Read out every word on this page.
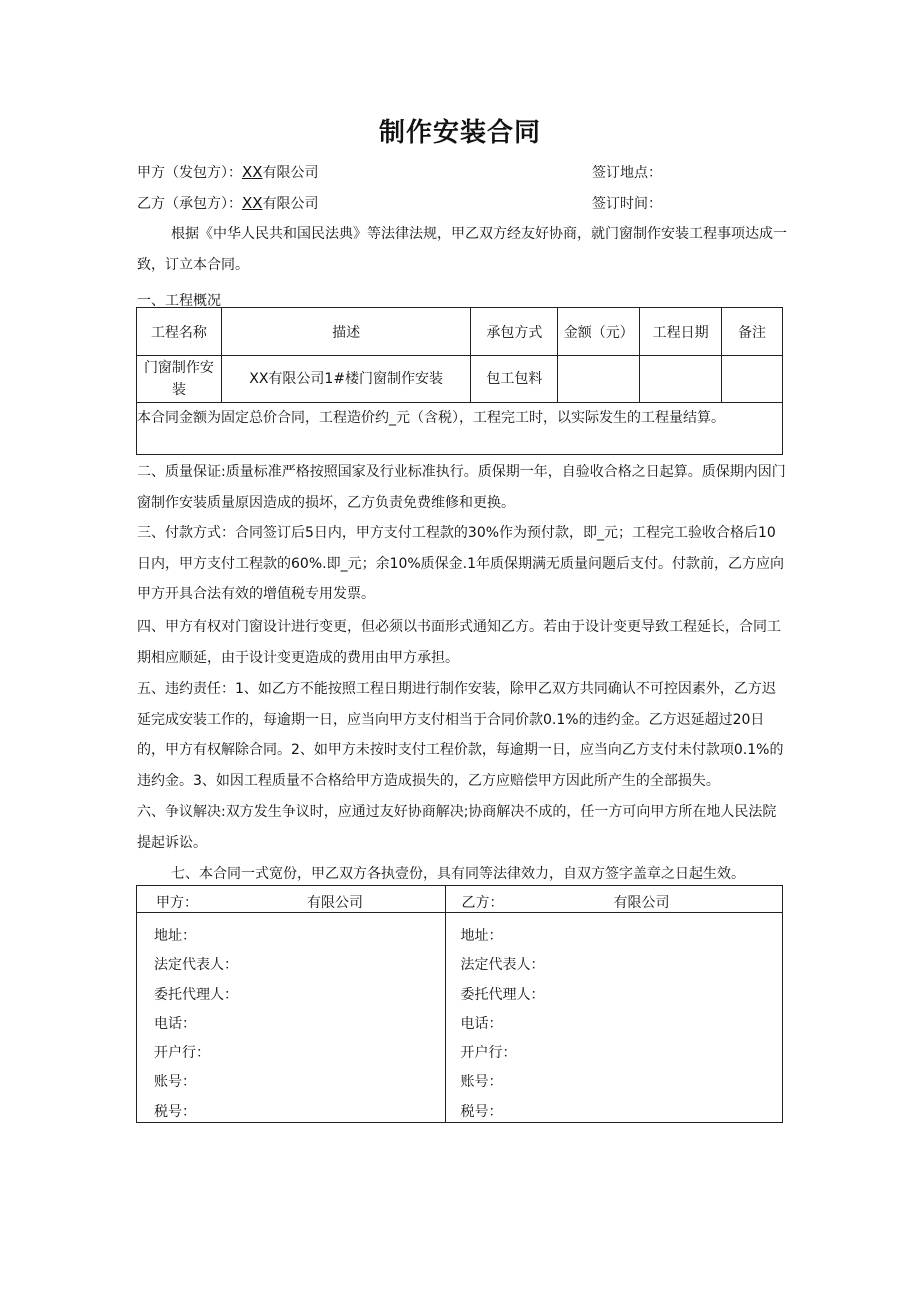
制作安装合同
甲方（发包方）：XX有限公司	签订地点：
乙方（承包方）：XX有限公司	签订时间：
根据《中华人民共和国民法典》等法律法规，甲乙双方经友好协商，就门窗制作安装工程事项达成一致，订立本合同。
一、工程概况
工程名称	描述	承包方式	金额（元）	工程日期	备注
门窗制作安装	XX有限公司1#楼门窗制作安装	包工包料			
本合同金额为固定总价合同，工程造价约_元（含税），工程完工时，以实际发生的工程量结算。					
二、质量保证:质量标准严格按照国家及行业标准执行。质保期一年，自验收合格之日起算。质保期内因门窗制作安装质量原因造成的损坏，乙方负责免费维修和更换。
三、付款方式：合同签订后5日内，甲方支付工程款的30%作为预付款，即_元；工程完工验收合格后10日内，甲方支付工程款的60%.即_元；余10%质保金.1年质保期满无质量问题后支付。付款前，乙方应向甲方开具合法有效的增值税专用发票。
四、甲方有权对门窗设计进行变更，但必须以书面形式通知乙方。若由于设计变更导致工程延长，合同工期相应顺延，由于设计变更造成的费用由甲方承担。
五、违约责任：1、如乙方不能按照工程日期进行制作安装，除甲乙双方共同确认不可控因素外，乙方迟延完成安装工作的，每逾期一日，应当向甲方支付相当于合同价款0.1%的违约金。乙方迟延超过20日的，甲方有权解除合同。2、如甲方未按时支付工程价款，每逾期一日，应当向乙方支付未付款项0.1%的违约金。3、如因工程质量不合格给甲方造成损失的，乙方应赔偿甲方因此所产生的全部损失。
六、争议解决:双方发生争议时，应通过友好协商解决;协商解决不成的，任一方可向甲方所在地人民法院提起诉讼。
七、本合同一式宽份，甲乙双方各执壹份，具有同等法律效力，自双方签字盖章之日起生效。
甲方：	有限公司
地址：
法定代表人：
委托代理人：
电话：
开户行：
账号：
税号：

乙方：	有限公司
地址：
法定代表人：
委托代理人：
电话：
开户行：
账号：
税号：
